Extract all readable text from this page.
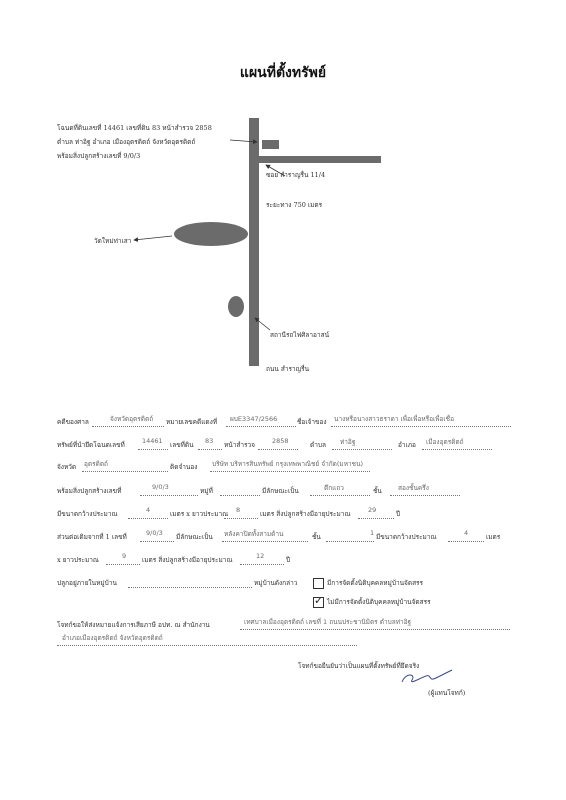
แผนที่ตั้งทรัพย์
โฉนดที่ดินเลขที่ 14461 เลขที่ดิน 83 หน้าสำรวจ 2858
ตำบล ท่าอิฐ อำเภอ เมืองอุตรดิตถ์ จังหวัดอุตรดิตถ์
พร้อมสิ่งปลูกสร้างเลขที่ 9/0/3
ซอย สำราญรื่น 11/4
ระยะทาง 750 เมตร
วัดใหม่ท่าเสา
สถานีรถไฟศิลาอาสน์
ถนน สำราญรื่น
คดีของศาล	จังหวัดอุตรดิตถ์ หมายเลขคดีแดงที่ ผบE3347/2566	ชื่อเจ้าของ นางหรือนางสาวธราดา เพื่อเพื่อหรือเพื่อเชื่อ
ทรัพย์ที่นำยึดโฉนดเลขที่	14461 เลขที่ดิน 83 หน้าสำรวจ	2858	ตำบล ท่าอิฐ	อำเภอ เมืองอุตรดิตถ์
จังหวัด อุตรดิตถ์	ติดจำนอง บริษัท บริหารสินทรัพย์ กรุงเทพพาณิชย์ จำกัด(มหาชน)
พร้อมสิ่งปลูกสร้างเลขที่	9/0/3	หมู่ที่	มีลักษณะเป็น	ตึกแถว	ชั้น สองชั้นครึ่ง
มีขนาดกว้างประมาณ	4	เมตร x ยาวประมาณ 8	เมตร สิ่งปลูกสร้างมีอายุประมาณ	29	ปี
ส่วนต่อเติมจากที่ 1 เลขที่	9/0/3 มีลักษณะเป็น หลังคาปิดทั้งสามด้าน	ชั้น	1 มีขนาดกว้างประมาณ	4	เมตร
x ยาวประมาณ	9 เมตร สิ่งปลูกสร้างมีอายุประมาณ	12	ปี
ปลูกอยู่ภายในหมู่บ้าน	หมู่บ้านดังกล่าว	มีการจัดตั้งนิติบุคคลหมู่บ้านจัดสรร
✓
ไม่มีการจัดตั้งนิติบุคคลหมู่บ้านจัดสรร
โจทก์ขอให้ส่งหมายแจ้งการเสียภาษี อปท. ณ สำนักงาน	เทศบาลเมืองอุตรดิตถ์ เลขที่ 1 ถนนประชานิมิตร ตำบลท่าอิฐ
อำเภอเมืองอุตรดิตถ์ จังหวัดอุตรดิตถ์
โจทก์ขอยืนยันว่าเป็นแผนที่ตั้งทรัพย์ที่ยึดจริง
(ผู้แทนโจทก์)
